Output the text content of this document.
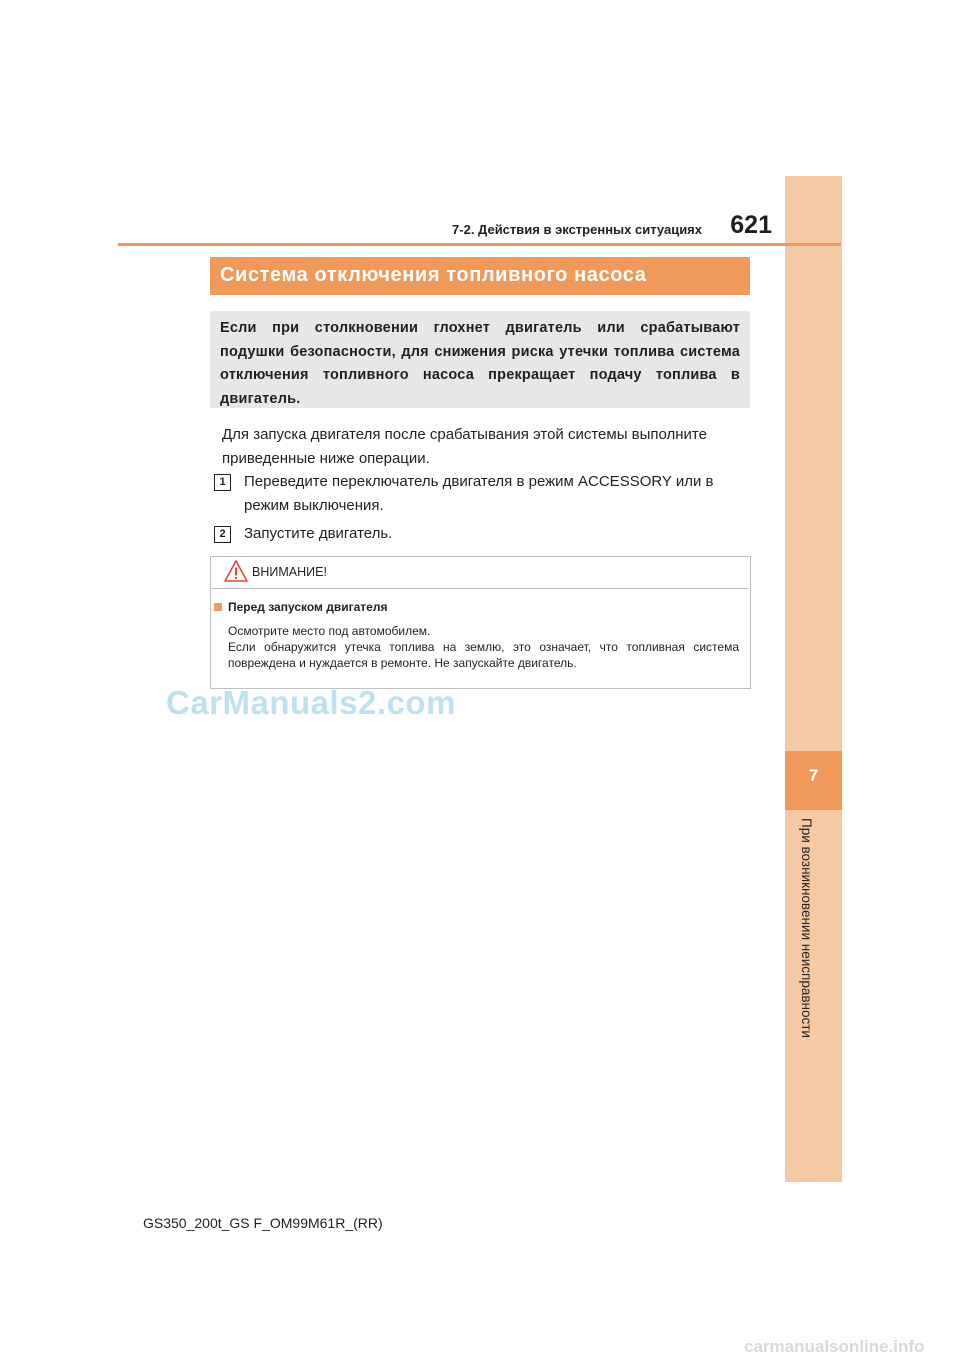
7
При возникновении неисправности
7-2. Действия в экстренных ситуациях	621
Система отключения топливного насоса
Если при столкновении глохнет двигатель или срабатывают подушки безопасности, для снижения риска утечки топлива система отключения топливного насоса прекращает подачу топлива в двигатель.
Для запуска двигателя после срабатывания этой системы выполните приведенные ниже операции.
1	Переведите переключатель двигателя в режим ACCESSORY или в режим выключения.
2	Запустите двигатель.
ВНИМАНИЕ!
Перед запуском двигателя
Осмотрите место под автомобилем.
Если обнаружится утечка топлива на землю, это означает, что топливная система повреждена и нуждается в ремонте. Не запускайте двигатель.
CarManuals2.com
GS350_200t_GS F_OM99M61R_(RR)
carmanualsonline.info
